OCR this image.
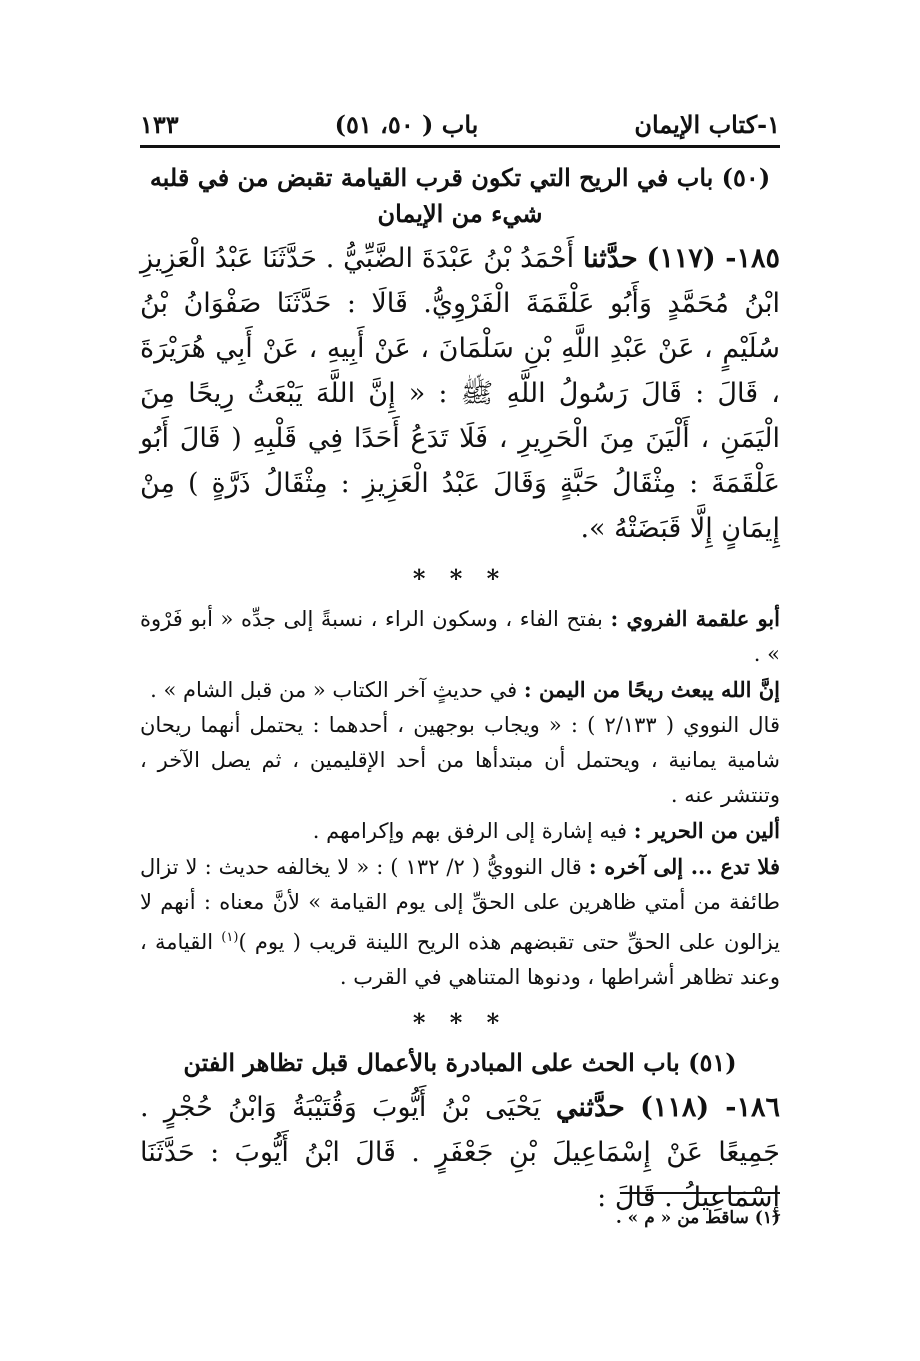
١٣٣	باب ( ٥٠، ٥١)	١-كتاب الإيمان
(٥٠) باب في الريح التي تكون قرب القيامة تقبض من في قلبه شيء من الإيمان

١٨٥- (١١٧) حدَّثنا أَحْمَدُ بْنُ عَبْدَةَ الضَّبِّيُّ . حَدَّثَنَا عَبْدُ الْعَزِيزِ ابْنُ مُحَمَّدٍ وَأَبُو عَلْقَمَةَ الْفَرْوِيُّ. قَالَا : حَدَّثَنَا صَفْوَانُ بْنُ سُلَيْمٍ ، عَنْ عَبْدِ اللَّهِ بْنِ سَلْمَانَ ، عَنْ أَبِيهِ ، عَنْ أَبِي هُرَيْرَةَ ، قَالَ : قَالَ رَسُولُ اللَّهِ ﷺ : « إِنَّ اللَّهَ يَبْعَثُ رِيحًا مِنَ الْيَمَنِ ، أَلْيَنَ مِنَ الْحَرِيرِ ، فَلَا تَدَعُ أَحَدًا فِي قَلْبِهِ ( قَالَ أَبُو عَلْقَمَةَ : مِثْقَالُ حَبَّةٍ وَقَالَ عَبْدُ الْعَزِيزِ : مِثْقَالُ ذَرَّةٍ ) مِنْ إِيمَانٍ إِلَّا قَبَضَتْهُ ».

* * *

أبو علقمة الفروي : بفتح الفاء ، وسكون الراء ، نسبةً إلى جدِّه « أبو فَرْوة » .

إنَّ الله يبعث ريحًا من اليمن : في حديثٍ آخر الكتاب « من قبل الشام » .

قال النووي ( ٢/١٣٣ ) : « ويجاب بوجهين ، أحدهما : يحتمل أنهما ريحان شامية يمانية ، ويحتمل أن مبتدأها من أحد الإقليمين ، ثم يصل الآخر ، وتنتشر عنه .

ألين من الحرير : فيه إشارة إلى الرفق بهم وإكرامهم .

فلا تدع ... إلى آخره : قال النوويُّ ( ٢/ ١٣٢ ) : « لا يخالفه حديث : لا تزال طائفة من أمتي ظاهرين على الحقِّ إلى يوم القيامة » لأنَّ معناه : أنهم لا يزالون على الحقِّ حتى تقبضهم هذه الريح اللينة قريب ( يوم )$^{(١)}$ القيامة ، وعند تظاهر أشراطها ، ودنوها المتناهي في القرب .

* * *
(٥١) باب الحث على المبادرة بالأعمال قبل تظاهر الفتن

١٨٦- (١١٨) حدَّثني يَحْيَى بْنُ أَيُّوبَ وَقُتَيْبَةُ وَابْنُ حُجْرٍ . جَمِيعًا عَنْ إِسْمَاعِيلَ بْنِ جَعْفَرٍ . قَالَ ابْنُ أَيُّوبَ : حَدَّثَنَا إِسْمَاعِيلُ . قَالَ :

(١) ساقط من « م » .
